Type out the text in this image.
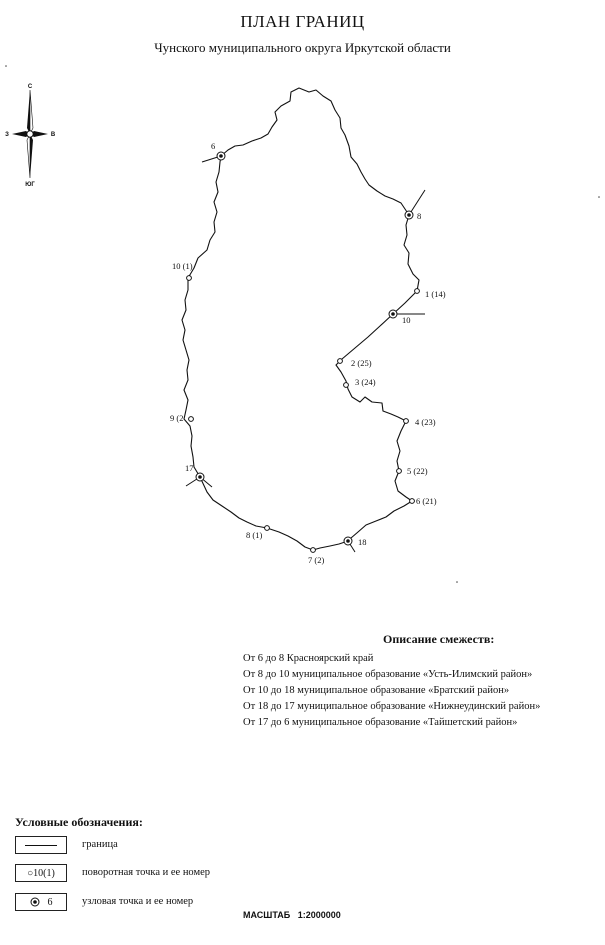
ПЛАН ГРАНИЦ
Чунского муниципального округа Иркутской области
С
ЮГ
З	В
6
8
10
18
17
1 (14)
2 (25)
3 (24)
4 (23)
5 (22)
6 (21)
7 (2)
8 (1)
9 (2
10 (1)
Описание смежеств:
От 6 до 8 Красноярский край
От 8 до 10 муниципальное образование «Усть-Илимский район»
От 10 до 18 муниципальное образование «Братский район»
От 18 до 17 муниципальное образование «Нижнеудинский район»
От 17 до 6 муниципальное образование «Тайшетский район»
Условные обозначения:
граница
○10(1)	поворотная точка и ее номер
6	узловая точка и ее номер
МАСШТАБ   1:2000000
